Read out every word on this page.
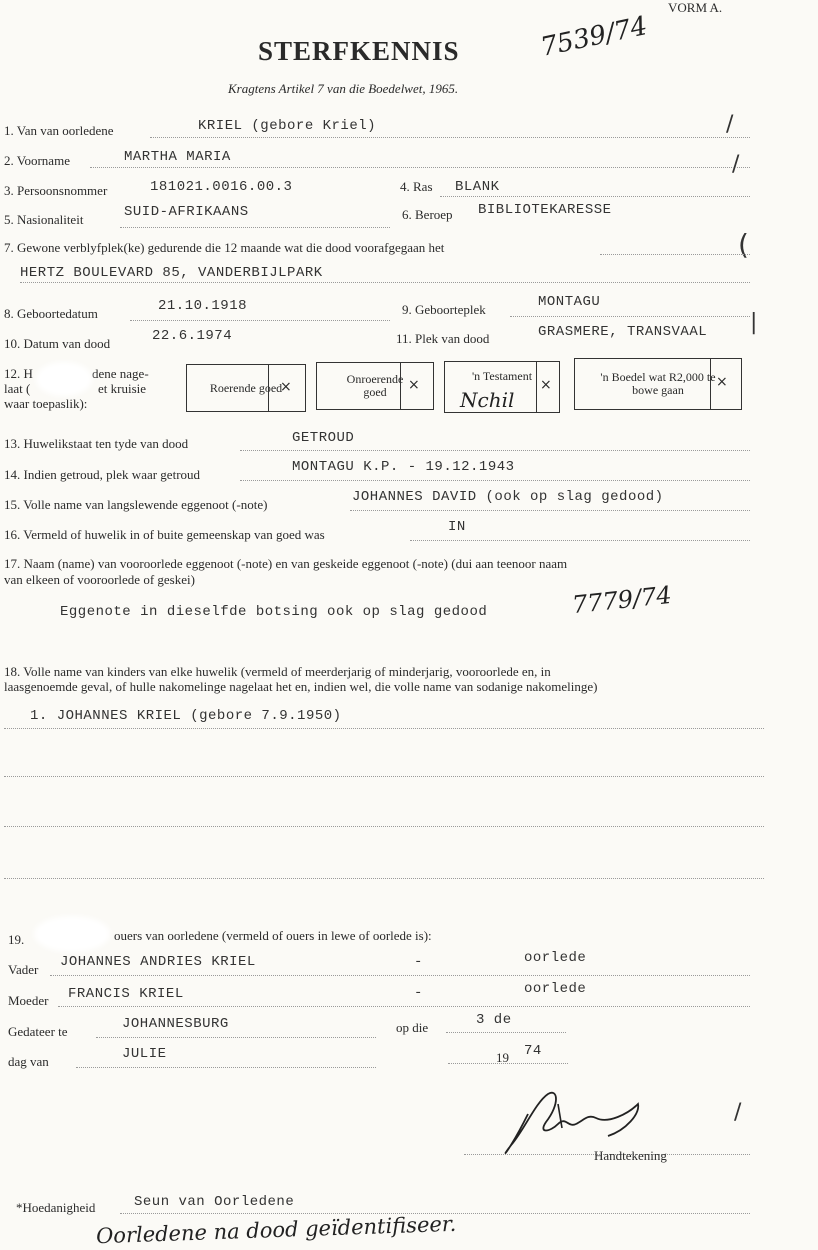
VORM A.
7539/74
STERFKENNIS
Kragtens Artikel 7 van die Boedelwet, 1965.
/
/
(
|
1. Van van oorledene	KRIEL (gebore Kriel)
2. Voorname	MARTHA MARIA
3. Persoonsnommer	181021.0016.00.3	4. Ras BLANK
5. Nasionaliteit	SUID-AFRIKAANS	6. Beroep BIBLIOTEKARESSE
7. Gewone verblyfplek(ke) gedurende die 12 maande wat die dood voorafgegaan het
HERTZ BOULEVARD 85, VANDERBIJLPARK
8. Geboortedatum	21.10.1918	9. Geboorteplek	MONTAGU
10. Datum van dood	22.6.1974	11. Plek van dood	GRASMERE, TRANSVAAL
12. H	dene nage-
laat (	et kruisie
waar toepaslik):
Roerende goed
×	Onroerende goed	×
'n Testament
×
Nchil
'n Boedel wat R2,000 te bowe gaan	×
13. Huwelikstaat ten tyde van dood	GETROUD
14. Indien getroud, plek waar getroud	MONTAGU K.P. - 19.12.1943
15. Volle name van langslewende eggenoot (-note)	JOHANNES DAVID (ook op slag gedood)
16. Vermeld of huwelik in of buite gemeenskap van goed was	IN
17. Naam (name) van vooroorlede eggenoot (-note) en van geskeide eggenoot (-note) (dui aan teenoor naam
van elkeen of vooroorlede of geskei)
Eggenote in dieselfde botsing ook op slag gedood	7779/74
18. Volle name van kinders van elke huwelik (vermeld of meerderjarig of minderjarig, vooroorlede en, in
laasgenoemde geval, of hulle nakomelinge nagelaat het en, indien wel, die volle name van sodanige nakomelinge)
1. JOHANNES KRIEL (gebore 7.9.1950)
19.	ouers van oorledene (vermeld of ouers in lewe of oorlede is):
Vader JOHANNES ANDRIES KRIEL	-	oorlede
Moeder FRANCIS KRIEL	-	oorlede
Gedateer te	JOHANNESBURG	op die	3 de
dag van	JULIE	19 74
/
Handtekening
*Hoedanigheid	Seun van Oorledene
Oorledene na dood geïdentifiseer.
